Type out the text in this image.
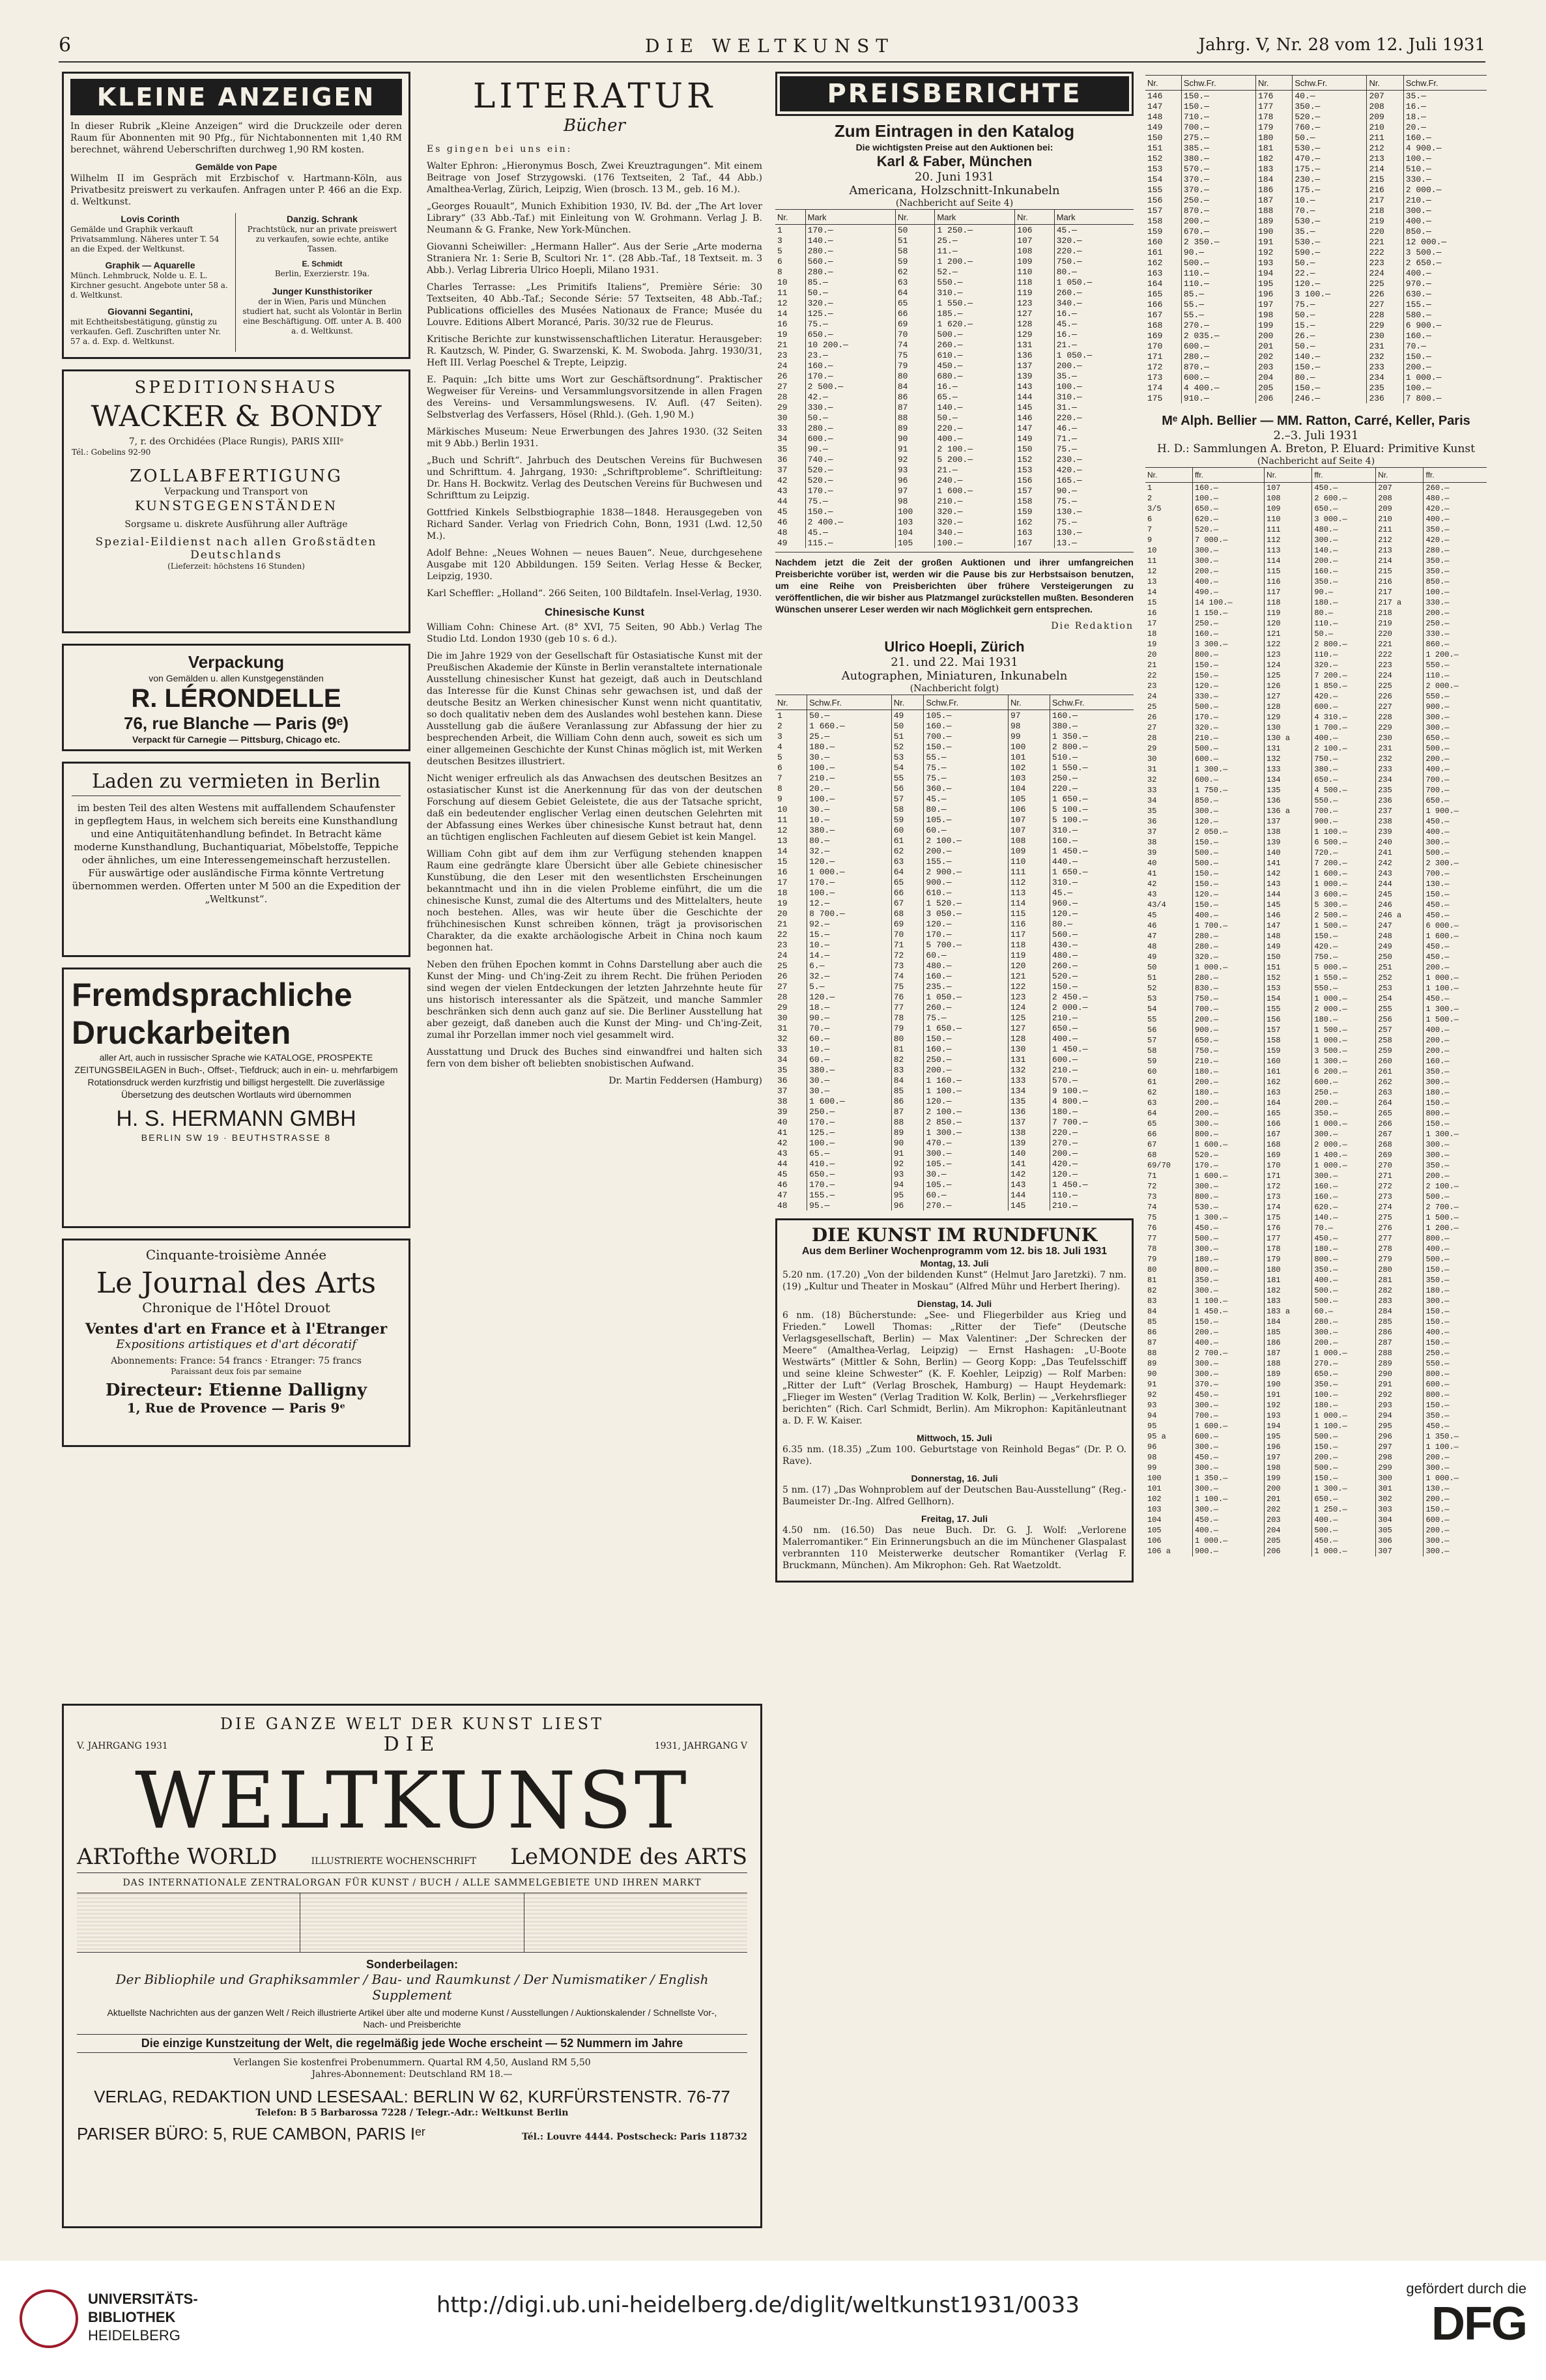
6	DIE WELTKUNST	Jahrg. V, Nr. 28 vom 12. Juli 1931
KLEINE ANZEIGEN

In dieser Rubrik „Kleine Anzeigen“ wird die Druckzeile oder deren Raum für Abonnenten mit 90 Pfg., für Nichtabonnenten mit 1,40 RM berechnet, während Ueberschriften durchweg 1,90 RM kosten.

Gemälde von Pape

Wilhelm II im Gespräch mit Erzbischof v. Hartmann-Köln, aus Privatbesitz preiswert zu verkaufen. Anfragen unter P. 466 an die Exp. d. Weltkunst.

Lovis Corinth

Gemälde und Graphik verkauft Privatsammlung. Näheres unter T. 54 an die Exped. der Weltkunst.

Graphik — Aquarelle

Münch. Lehmbruck, Nolde u. E. L. Kirchner gesucht. Angebote unter 58 a. d. Weltkunst.

Giovanni Segantini,

mit Echtheitsbestätigung, günstig zu verkaufen. Gefl. Zuschriften unter Nr. 57 a. d. Exp. d. Weltkunst.

Danzig. Schrank

Prachtstück, nur an private preiswert zu verkaufen, sowie echte, antike Tassen.

E. Schmidt
Berlin, Exerzierstr. 19a.
Junger Kunsthistoriker

der in Wien, Paris und München studiert hat, sucht als Volontär in Berlin eine Beschäftigung. Off. unter A. B. 400 a. d. Weltkunst.

SPEDITIONSHAUS
WACKER & BONDY
7, r. des Orchidées (Place Rungis), PARIS XIIIᵉ
Tél.: Gobelins 92-90
ZOLLABFERTIGUNG
Verpackung und Transport von
KUNSTGEGENSTÄNDEN
Sorgsame u. diskrete Ausführung aller Aufträge
Spezial-Eildienst nach allen Großstädten Deutschlands
(Lieferzeit: höchstens 16 Stunden)
Verpackung
von Gemälden u. allen Kunstgegenständen
R. LÉRONDELLE
76, rue Blanche — Paris (9ᵉ)
Verpackt für Carnegie — Pittsburg, Chicago etc.
Laden zu vermieten in Berlin

im besten Teil des alten Westens mit auffallendem Schaufenster in gepflegtem Haus, in welchem sich bereits eine Kunsthandlung und eine Antiquitätenhandlung befindet. In Betracht käme moderne Kunsthandlung, Buchantiquariat, Möbelstoffe, Teppiche oder ähnliches, um eine Interessengemeinschaft herzustellen. Für auswärtige oder ausländische Firma könnte Vertretung übernommen werden. Offerten unter M 500 an die Expedition der „Weltkunst“.

Fremdsprachliche
Druckarbeiten

aller Art, auch in russischer Sprache wie KATALOGE, PROSPEKTE ZEITUNGSBEILAGEN in Buch-, Offset-, Tiefdruck; auch in ein- u. mehrfarbigem Rotationsdruck werden kurzfristig und billigst hergestellt. Die zuverlässige Übersetzung des deutschen Wortlauts wird übernommen

H. S. HERMANN GMBH
BERLIN SW 19 · BEUTHSTRASSE 8
Cinquante-troisième Année
Le Journal des Arts
Chronique de l'Hôtel Drouot
Ventes d'art en France et à l'Etranger
Expositions artistiques et d'art décoratif
Abonnements: France: 54 francs · Etranger: 75 francs
Paraissant deux fois par semaine
Directeur: Etienne Dalligny
1, Rue de Provence — Paris 9ᵉ
DIE GANZE WELT DER KUNST LIEST
V. JAHRGANG 1931	DIE	1931, JAHRGANG V
WELTKUNST
ARTofthe WORLD	ILLUSTRIERTE WOCHENSCHRIFT LeMONDE des ARTS
DAS INTERNATIONALE ZENTRALORGAN FÜR KUNST / BUCH / ALLE SAMMELGEBIETE UND IHREN MARKT
Sonderbeilagen:
Der Bibliophile und Graphiksammler / Bau- und Raumkunst / Der Numismatiker / English Supplement
Aktuellste Nachrichten aus der ganzen Welt / Reich illustrierte Artikel über alte und moderne Kunst / Ausstellungen / Auktionskalender / Schnellste Vor-, Nach- und Preisberichte
Die einzige Kunstzeitung der Welt, die regelmäßig jede Woche erscheint — 52 Nummern im Jahre
Verlangen Sie kostenfrei Probenummern. Quartal RM 4,50, Ausland RM 5,50
Jahres-Abonnement: Deutschland RM 18.—
VERLAG, REDAKTION UND LESESAAL: BERLIN W 62, KURFÜRSTENSTR. 76-77
Telefon: B 5 Barbarossa 7228 / Telegr.-Adr.: Weltkunst Berlin
PARISER BÜRO: 5, RUE CAMBON, PARIS Iᵉʳ	Tél.: Louvre 4444. Postscheck: Paris 118732
LITERATUR
Bücher

Es gingen bei uns ein:

Walter Ephron: „Hieronymus Bosch, Zwei Kreuztragungen“. Mit einem Beitrage von Josef Strzygowski. (176 Textseiten, 2 Taf., 44 Abb.) Amalthea-Verlag, Zürich, Leipzig, Wien (brosch. 13 M., geb. 16 M.).

„Georges Rouault“, Munich Exhibition 1930, IV. Bd. der „The Art lover Library“ (33 Abb.-Taf.) mit Einleitung von W. Grohmann. Verlag J. B. Neumann & G. Franke, New York-München.

Giovanni Scheiwiller: „Hermann Haller“. Aus der Serie „Arte moderna Straniera Nr. 1: Serie B, Scultori Nr. 1“. (28 Abb.-Taf., 18 Textseit. m. 3 Abb.). Verlag Libreria Ulrico Hoepli, Milano 1931.

Charles Terrasse: „Les Primitifs Italiens“, Première Série: 30 Textseiten, 40 Abb.-Taf.; Seconde Série: 57 Textseiten, 48 Abb.-Taf.; Publications officielles des Musées Nationaux de France; Musée du Louvre. Editions Albert Morancé, Paris. 30/32 rue de Fleurus.

Kritische Berichte zur kunstwissenschaftlichen Literatur. Herausgeber: R. Kautzsch, W. Pinder, G. Swarzenski, K. M. Swoboda. Jahrg. 1930/31, Heft III. Verlag Poeschel & Trepte, Leipzig.

E. Paquin: „Ich bitte ums Wort zur Geschäftsordnung“. Praktischer Wegweiser für Vereins- und Versammlungsvorsitzende in allen Fragen des Vereins- und Versammlungswesens. IV. Aufl. (47 Seiten). Selbstverlag des Verfassers, Hösel (Rhld.). (Geh. 1,90 M.)

Märkisches Museum: Neue Erwerbungen des Jahres 1930. (32 Seiten mit 9 Abb.) Berlin 1931.

„Buch und Schrift“. Jahrbuch des Deutschen Vereins für Buchwesen und Schrifttum. 4. Jahrgang, 1930: „Schriftprobleme“. Schriftleitung: Dr. Hans H. Bockwitz. Verlag des Deutschen Vereins für Buchwesen und Schrifttum zu Leipzig.

Gottfried Kinkels Selbstbiographie 1838—1848. Herausgegeben von Richard Sander. Verlag von Friedrich Cohn, Bonn, 1931 (Lwd. 12,50 M.).

Adolf Behne: „Neues Wohnen — neues Bauen“. Neue, durchgesehene Ausgabe mit 120 Abbildungen. 159 Seiten. Verlag Hesse & Becker, Leipzig, 1930.

Karl Scheffler: „Holland“. 266 Seiten, 100 Bildtafeln. Insel-Verlag, 1930.

Chinesische Kunst

William Cohn: Chinese Art. (8° XVI, 75 Seiten, 90 Abb.) Verlag The Studio Ltd. London 1930 (geb 10 s. 6 d.).

Die im Jahre 1929 von der Gesellschaft für Ostasiatische Kunst mit der Preußischen Akademie der Künste in Berlin veranstaltete internationale Ausstellung chinesischer Kunst hat gezeigt, daß auch in Deutschland das Interesse für die Kunst Chinas sehr gewachsen ist, und daß der deutsche Besitz an Werken chinesischer Kunst wenn nicht quantitativ, so doch qualitativ neben dem des Auslandes wohl bestehen kann. Diese Ausstellung gab die äußere Veranlassung zur Abfassung der hier zu besprechenden Arbeit, die William Cohn denn auch, soweit es sich um einer allgemeinen Geschichte der Kunst Chinas möglich ist, mit Werken deutschen Besitzes illustriert.

Nicht weniger erfreulich als das Anwachsen des deutschen Besitzes an ostasiatischer Kunst ist die Anerkennung für das von der deutschen Forschung auf diesem Gebiet Geleistete, die aus der Tatsache spricht, daß ein bedeutender englischer Verlag einen deutschen Gelehrten mit der Abfassung eines Werkes über chinesische Kunst betraut hat, denn an tüchtigen englischen Fachleuten auf diesem Gebiet ist kein Mangel.

William Cohn gibt auf dem ihm zur Verfügung stehenden knappen Raum eine gedrängte klare Übersicht über alle Gebiete chinesischer Kunstübung, die den Leser mit den wesentlichsten Erscheinungen bekanntmacht und ihn in die vielen Probleme einführt, die um die chinesische Kunst, zumal die des Altertums und des Mittelalters, heute noch bestehen. Alles, was wir heute über die Geschichte der frühchinesischen Kunst schreiben können, trägt ja provisorischen Charakter, da die exakte archäologische Arbeit in China noch kaum begonnen hat.

Neben den frühen Epochen kommt in Cohns Darstellung aber auch die Kunst der Ming- und Ch'ing-Zeit zu ihrem Recht. Die frühen Perioden sind wegen der vielen Entdeckungen der letzten Jahrzehnte heute für uns historisch interessanter als die Spätzeit, und manche Sammler beschränken sich denn auch ganz auf sie. Die Berliner Ausstellung hat aber gezeigt, daß daneben auch die Kunst der Ming- und Ch'ing-Zeit, zumal ihr Porzellan immer noch viel gesammelt wird.

Ausstattung und Druck des Buches sind einwandfrei und halten sich fern von dem bisher oft beliebten snobistischen Aufwand.

Dr. Martin Feddersen (Hamburg)

PREISBERICHTE
Zum Eintragen in den Katalog
Die wichtigsten Preise aut den Auktionen bei:
Karl & Faber, München
20. Juni 1931
Americana, Holzschnitt-Inkunabeln
(Nachbericht auf Seite 4)
Nr.	Mark	Nr.	Mark	Nr.	Mark
1	170.—	50	1 250.—	106	45.—
3	140.—	51	25.—	107	320.—
5	280.—	58	11.—	108	220.—
6	560.—	59	1 200.—	109	750.—
8	280.—	62	52.—	110	80.—
10	85.—	63	550.—	118	1 050.—
11	50.—	64	310.—	119	260.—
12	320.—	65	1 550.—	123	340.—
14	125.—	66	185.—	127	16.—
16	75.—	69	1 620.—	128	45.—
19	650.—	70	500.—	129	16.—
21	10 200.—	74	260.—	131	21.—
23	23.—	75	610.—	136	1 050.—
24	160.—	79	450.—	137	200.—
26	170.—	80	680.—	139	35.—
27	2 500.—	84	16.—	143	100.—
28	42.—	86	65.—	144	310.—
29	330.—	87	140.—	145	31.—
30	50.—	88	50.—	146	220.—
33	280.—	89	220.—	147	46.—
34	600.—	90	400.—	149	71.—
35	90.—	91	2 100.—	150	75.—
36	740.—	92	5 200.—	152	230.—
37	520.—	93	21.—	153	420.—
42	520.—	96	240.—	156	165.—
43	170.—	97	1 600.—	157	90.—
44	75.—	98	210.—	158	75.—
45	150.—	100	320.—	159	130.—
46	2 400.—	103	320.—	162	75.—
48	45.—	104	340.—	163	130.—
49	115.—	105	100.—	167	13.—

Nachdem jetzt die Zeit der großen Auktionen und ihrer umfangreichen Preisberichte vorüber ist, werden wir die Pause bis zur Herbstsaison benutzen, um eine Reihe von Preisberichten über frühere Versteigerungen zu veröffentlichen, die wir bisher aus Platzmangel zurückstellen mußten. Besonderen Wünschen unserer Leser werden wir nach Möglichkeit gern entsprechen.

Die Redaktion
Ulrico Hoepli, Zürich
21. und 22. Mai 1931
Autographen, Miniaturen, Inkunabeln
(Nachbericht folgt)
Nr.	Schw.Fr.	Nr.	Schw.Fr.	Nr.	Schw.Fr.
1	50.—	49	105.—	97	160.—
2	1 660.—	50	160.—	98	380.—
3	25.—	51	700.—	99	1 350.—
4	180.—	52	150.—	100	2 800.—
5	30.—	53	55.—	101	510.—
6	100.—	54	75.—	102	1 550.—
7	210.—	55	75.—	103	250.—
8	20.—	56	360.—	104	220.—
9	100.—	57	45.—	105	1 650.—
10	30.—	58	80.—	106	5 100.—
11	10.—	59	105.—	107	5 100.—
12	380.—	60	60.—	107	310.—
13	80.—	61	2 100.—	108	160.—
14	32.—	62	200.—	109	1 450.—
15	120.—	63	155.—	110	440.—
16	1 000.—	64	2 900.—	111	1 650.—
17	170.—	65	900.—	112	310.—
18	100.—	66	610.—	113	45.—
19	12.—	67	1 520.—	114	960.—
20	8 700.—	68	3 050.—	115	120.—
21	92.—	69	120.—	116	80.—
22	15.—	70	170.—	117	560.—
23	10.—	71	5 700.—	118	430.—
24	14.—	72	60.—	119	480.—
25	6.—	73	480.—	120	260.—
26	32.—	74	160.—	121	520.—
27	5.—	75	235.—	122	150.—
28	120.—	76	1 050.—	123	2 450.—
29	18.—	77	260.—	124	2 000.—
30	90.—	78	75.—	125	210.—
31	70.—	79	1 650.—	127	650.—
32	60.—	80	150.—	128	400.—
33	10.—	81	160.—	130	1 450.—
34	60.—	82	250.—	131	600.—
35	380.—	83	200.—	132	210.—
36	30.—	84	1 160.—	133	570.—
37	30.—	85	1 100.—	134	9 100.—
38	1 600.—	86	120.—	135	4 800.—
39	250.—	87	2 100.—	136	180.—
40	170.—	88	2 850.—	137	7 700.—
41	125.—	89	1 300.—	138	220.—
42	100.—	90	470.—	139	270.—
43	65.—	91	300.—	140	200.—
44	410.—	92	105.—	141	420.—
45	650.—	93	30.—	142	120.—
46	170.—	94	105.—	143	1 450.—
47	155.—	95	60.—	144	110.—
48	95.—	96	270.—	145	210.—
DIE KUNST IM RUNDFUNK
Aus dem Berliner Wochenprogramm vom 12. bis 18. Juli 1931
Montag, 13. Juli

5.20 nm. (17.20) „Von der bildenden Kunst“ (Helmut Jaro Jaretzki). 7 nm. (19) „Kultur und Theater in Moskau“ (Alfred Mühr und Herbert Ihering).

Dienstag, 14. Juli

6 nm. (18) Bücherstunde: „See- und Fliegerbilder aus Krieg und Frieden.“ Lowell Thomas: „Ritter der Tiefe“ (Deutsche Verlagsgesellschaft, Berlin) — Max Valentiner: „Der Schrecken der Meere“ (Amalthea-Verlag, Leipzig) — Ernst Hashagen: „U-Boote Westwärts“ (Mittler & Sohn, Berlin) — Georg Kopp: „Das Teufelsschiff und seine kleine Schwester“ (K. F. Koehler, Leipzig) — Rolf Marben: „Ritter der Luft“ (Verlag Broschek, Hamburg) — Haupt Heydemark: „Flieger im Westen“ (Verlag Tradition W. Kolk, Berlin) — „Verkehrsflieger berichten“ (Rich. Carl Schmidt, Berlin). Am Mikrophon: Kapitänleutnant a. D. F. W. Kaiser.

Mittwoch, 15. Juli

6.35 nm. (18.35) „Zum 100. Geburtstage von Reinhold Begas“ (Dr. P. O. Rave).

Donnerstag, 16. Juli

5 nm. (17) „Das Wohnproblem auf der Deutschen Bau-Ausstellung“ (Reg.-Baumeister Dr.-Ing. Alfred Gellhorn).

Freitag, 17. Juli

4.50 nm. (16.50) Das neue Buch. Dr. G. J. Wolf: „Verlorene Malerromantiker.“ Ein Erinnerungsbuch an die im Münchener Glaspalast verbrannten 110 Meisterwerke deutscher Romantiker (Verlag F. Bruckmann, München). Am Mikrophon: Geh. Rat Waetzoldt.

Nr.	Schw.Fr.	Nr.	Schw.Fr.	Nr.	Schw.Fr.
146	150.—	176	40.—	207	35.—
147	150.—	177	350.—	208	16.—
148	710.—	178	520.—	209	18.—
149	700.—	179	760.—	210	20.—
150	275.—	180	50.—	211	160.—
151	385.—	181	530.—	212	4 900.—
152	380.—	182	470.—	213	100.—
153	570.—	183	175.—	214	510.—
154	370.—	184	230.—	215	330.—
155	370.—	186	175.—	216	2 000.—
156	250.—	187	10.—	217	210.—
157	870.—	188	70.—	218	300.—
158	200.—	189	530.—	219	400.—
159	670.—	190	35.—	220	850.—
160	2 350.—	191	530.—	221	12 000.—
161	90.—	192	590.—	222	3 500.—
162	500.—	193	50.—	223	2 650.—
163	110.—	194	22.—	224	400.—
164	110.—	195	120.—	225	970.—
165	85.—	196	3 100.—	226	630.—
166	55.—	197	75.—	227	155.—
167	55.—	198	50.—	228	580.—
168	270.—	199	15.—	229	6 900.—
169	2 035.—	200	26.—	230	160.—
170	600.—	201	50.—	231	70.—
171	280.—	202	140.—	232	150.—
172	870.—	203	150.—	233	200.—
173	600.—	204	80.—	234	1 000.—
174	4 400.—	205	150.—	235	100.—
175	910.—	206	246.—	236	7 800.—
Mᵉ Alph. Bellier — MM. Ratton, Carré, Keller, Paris
2.–3. Juli 1931
H. D.: Sammlungen A. Breton, P. Eluard: Primitive Kunst
(Nachbericht auf Seite 4)
Nr.	ffr.	Nr.	ffr.	Nr.	ffr.
1	160.—	107	450.—	207	260.—
2	100.—	108	2 600.—	208	480.—
3/5	650.—	109	650.—	209	420.—
6	620.—	110	3 000.—	210	400.—
7	520.—	111	480.—	211	350.—
9	7 000.—	112	300.—	212	420.—
10	300.—	113	140.—	213	280.—
11	300.—	114	200.—	214	350.—
12	200.—	115	160.—	215	350.—
13	400.—	116	350.—	216	850.—
14	490.—	117	90.—	217	100.—
15	14 100.—	118	180.—	217 a	330.—
16	1 150.—	119	80.—	218	200.—
17	250.—	120	110.—	219	250.—
18	160.—	121	50.—	220	330.—
19	3 300.—	122	2 800.—	221	860.—
20	800.—	123	110.—	222	1 200.—
21	150.—	124	320.—	223	550.—
22	150.—	125	7 200.—	224	110.—
23	120.—	126	1 850.—	225	2 000.—
24	330.—	127	420.—	226	550.—
25	500.—	128	600.—	227	900.—
26	170.—	129	4 310.—	228	300.—
27	320.—	130	1 700.—	229	300.—
28	210.—	130 a	400.—	230	650.—
29	500.—	131	2 100.—	231	500.—
30	600.—	132	750.—	232	200.—
31	1 300.—	133	380.—	233	400.—
32	600.—	134	650.—	234	700.—
33	1 750.—	135	4 500.—	235	700.—
34	850.—	136	550.—	236	650.—
35	300.—	136 a	700.—	237	1 900.—
36	120.—	137	900.—	238	450.—
37	2 050.—	138	1 100.—	239	400.—
38	150.—	139	6 500.—	240	300.—
39	500.—	140	720.—	241	500.—
40	500.—	141	7 200.—	242	2 300.—
41	150.—	142	1 600.—	243	700.—
42	150.—	143	1 000.—	244	130.—
43	120.—	144	3 600.—	245	150.—
43/4	150.—	145	5 300.—	246	450.—
45	400.—	146	2 500.—	246 a	450.—
46	1 700.—	147	1 500.—	247	6 000.—
47	280.—	148	150.—	248	1 600.—
48	280.—	149	420.—	249	450.—
49	320.—	150	750.—	250	450.—
50	1 000.—	151	5 000.—	251	200.—
51	280.—	152	1 550.—	252	1 000.—
52	830.—	153	550.—	253	1 100.—
53	750.—	154	1 000.—	254	450.—
54	700.—	155	2 000.—	255	1 300.—
55	200.—	156	180.—	256	1 500.—
56	900.—	157	1 500.—	257	400.—
57	650.—	158	1 000.—	258	200.—
58	750.—	159	3 500.—	259	200.—
59	210.—	160	1 300.—	260	160.—
60	180.—	161	6 200.—	261	350.—
61	200.—	162	600.—	262	300.—
62	180.—	163	250.—	263	180.—
63	200.—	164	200.—	264	150.—
64	200.—	165	350.—	265	800.—
65	300.—	166	1 000.—	266	150.—
66	800.—	167	300.—	267	1 300.—
67	1 600.—	168	2 000.—	268	300.—
68	520.—	169	1 400.—	269	300.—
69/70	170.—	170	1 000.—	270	350.—
71	1 600.—	171	300.—	271	200.—
72	300.—	172	160.—	272	2 100.—
73	800.—	173	160.—	273	500.—
74	530.—	174	620.—	274	2 700.—
75	1 300.—	175	140.—	275	1 500.—
76	450.—	176	70.—	276	1 200.—
77	500.—	177	450.—	277	800.—
78	300.—	178	180.—	278	400.—
79	180.—	179	800.—	279	500.—
80	800.—	180	350.—	280	150.—
81	350.—	181	400.—	281	350.—
82	300.—	182	500.—	282	180.—
83	1 100.—	183	500.—	283	300.—
84	1 450.—	183 a	60.—	284	150.—
85	150.—	184	280.—	285	150.—
86	200.—	185	300.—	286	400.—
87	400.—	186	200.—	287	150.—
88	2 700.—	187	1 000.—	288	250.—
89	300.—	188	270.—	289	550.—
90	300.—	189	650.—	290	800.—
91	370.—	190	350.—	291	600.—
92	450.—	191	100.—	292	800.—
93	300.—	192	180.—	293	150.—
94	700.—	193	1 000.—	294	350.—
95	1 600.—	194	1 100.—	295	450.—
95 a	600.—	195	500.—	296	1 350.—
96	300.—	196	150.—	297	1 100.—
98	450.—	197	200.—	298	200.—
99	300.—	198	500.—	299	300.—
100	1 350.—	199	150.—	300	1 000.—
101	300.—	200	1 300.—	301	130.—
102	1 100.—	201	650.—	302	200.—
103	300.—	202	1 250.—	303	150.—
104	450.—	203	400.—	304	600.—
105	400.—	204	500.—	305	200.—
106	1 000.—	205	450.—	306	300.—
106 a	900.—	206	1 000.—	307	300.—
UNIVERSITÄTS-
BIBLIOTHEK
HEIDELBERG
http://digi.ub.uni-heidelberg.de/diglit/weltkunst1931/0033
gefördert durch die
DFG
